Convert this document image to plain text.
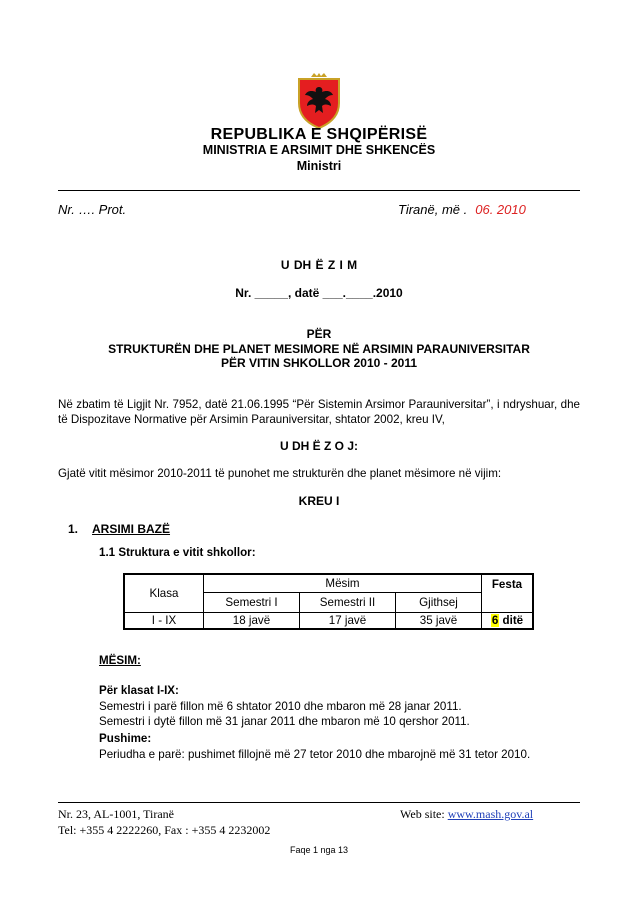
REPUBLIKA E SHQIPËRISË
MINISTRIA E ARSIMIT DHE SHKENCËS
Ministri
Nr. …. Prot.	Tiranë, më . 06. 2010
U DH Ë Z I M
Nr. _____, datë ___.____.2010
PËR
STRUKTURËN DHE PLANET MESIMORE NË ARSIMIN PARAUNIVERSITAR
PËR VITIN SHKOLLOR 2010 - 2011
Në zbatim të Ligjit Nr. 7952, datë 21.06.1995 “Për Sistemin Arsimor Parauniversitar”, i ndryshuar, dhe të Dispozitave Normative për Arsimin Parauniversitar, shtator 2002, kreu IV,
U DH Ë Z O J:
Gjatë vitit mësimor 2010-2011 të punohet me strukturën dhe planet mësimore në vijim:
KREU I
1. ARSIMI BAZË
1.1 Struktura e vitit shkollor:
Klasa	Mësim			Festa
	Semestri I	Semestri II	Gjithsej	
I - IX	18 javë	17 javë	35 javë	6 ditë
MËSIM:
Për klasat I-IX:
Semestri i parë fillon më 6 shtator 2010 dhe mbaron më 28 janar 2011.
Semestri i dytë fillon më 31 janar 2011 dhe mbaron më 10 qershor 2011.
Pushime:
Periudha e parë: pushimet fillojnë më 27 tetor 2010 dhe mbarojnë më 31 tetor 2010.
Nr. 23, AL-1001, Tiranë
Tel: +355 4 2222260, Fax : +355 4 2232002
Web site: www.mash.gov.al
Faqe 1 nga 13
